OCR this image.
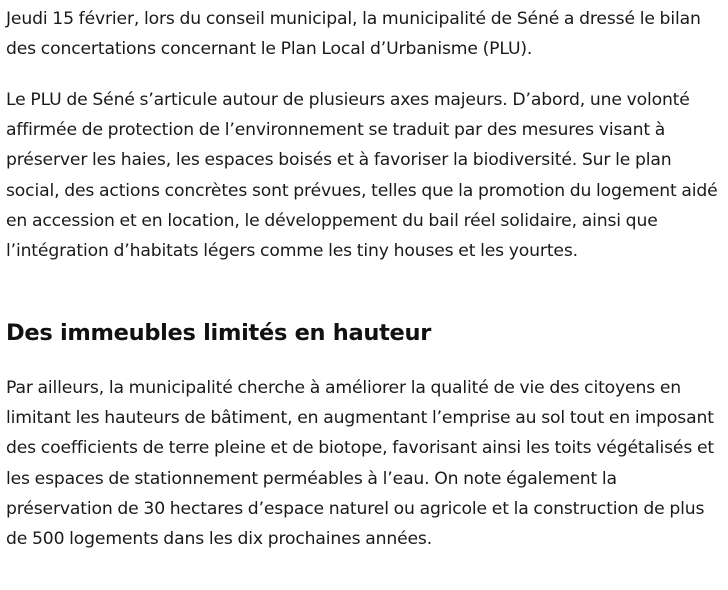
Jeudi 15 février, lors du conseil municipal, la municipalité de Séné a dressé le bilan des concertations concernant le Plan Local d’Urbanisme (PLU).

Le PLU de Séné s’articule autour de plusieurs axes majeurs. D’abord, une volonté affirmée de protection de l’environnement se traduit par des mesures visant à préserver les haies, les espaces boisés et à favoriser la biodiversité. Sur le plan social, des actions concrètes sont prévues, telles que la promotion du logement aidé en accession et en location, le développement du bail réel solidaire, ainsi que l’intégration d’habitats légers comme les tiny houses et les yourtes.

Des immeubles limités en hauteur

Par ailleurs, la municipalité cherche à améliorer la qualité de vie des citoyens en limitant les hauteurs de bâtiment, en augmentant l’emprise au sol tout en imposant des coefficients de terre pleine et de biotope, favorisant ainsi les toits végétalisés et les espaces de stationnement perméables à l’eau. On note également la préservation de 30 hectares d’espace naturel ou agricole et la construction de plus de 500 logements dans les dix prochaines années.
